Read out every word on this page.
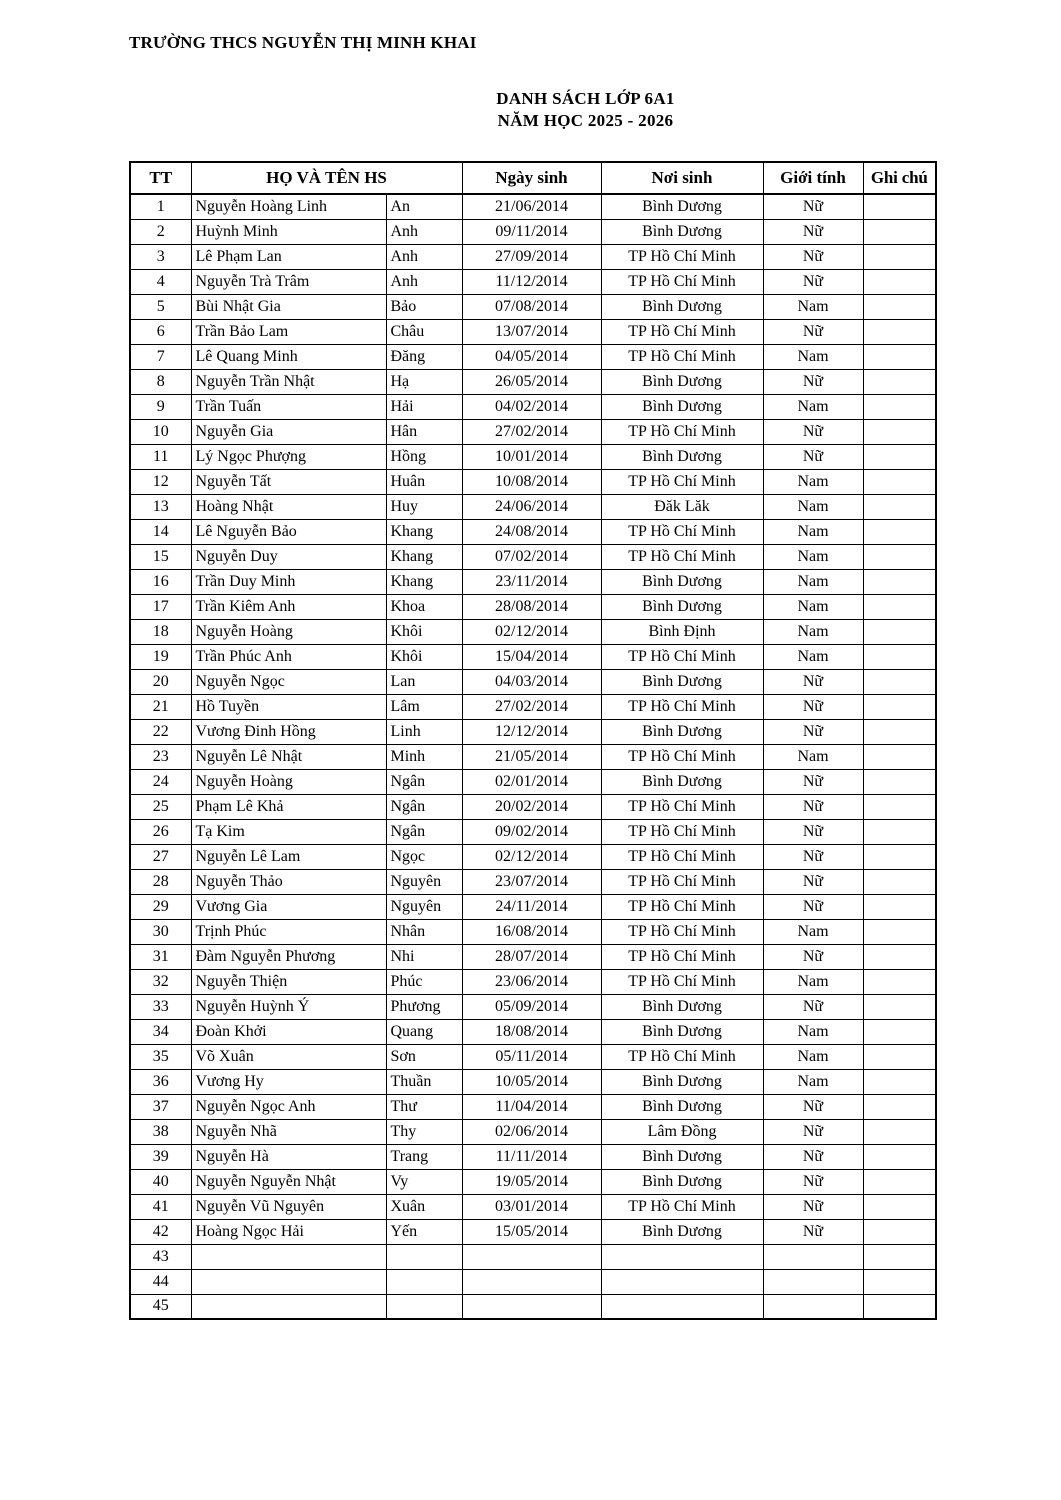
TRƯỜNG THCS NGUYỄN THỊ MINH KHAI
DANH SÁCH LỚP 6A1
NĂM HỌC 2025 - 2026
TT	HỌ VÀ TÊN HS		Ngày sinh	Nơi sinh	Giới tính	Ghi chú
1	Nguyễn Hoàng Linh	An	21/06/2014	Bình Dương	Nữ	
2	Huỳnh Minh	Anh	09/11/2014	Bình Dương	Nữ	
3	Lê Phạm Lan	Anh	27/09/2014	TP Hồ Chí Minh	Nữ	
4	Nguyễn Trà Trâm	Anh	11/12/2014	TP Hồ Chí Minh	Nữ	
5	Bùi Nhật Gia	Bảo	07/08/2014	Bình Dương	Nam	
6	Trần Bảo Lam	Châu	13/07/2014	TP Hồ Chí Minh	Nữ	
7	Lê Quang Minh	Đăng	04/05/2014	TP Hồ Chí Minh	Nam	
8	Nguyễn Trần Nhật	Hạ	26/05/2014	Bình Dương	Nữ	
9	Trần Tuấn	Hải	04/02/2014	Bình Dương	Nam	
10	Nguyễn Gia	Hân	27/02/2014	TP Hồ Chí Minh	Nữ	
11	Lý Ngọc Phượng	Hồng	10/01/2014	Bình Dương	Nữ	
12	Nguyễn Tất	Huân	10/08/2014	TP Hồ Chí Minh	Nam	
13	Hoàng Nhật	Huy	24/06/2014	Đăk Lăk	Nam	
14	Lê Nguyễn Bảo	Khang	24/08/2014	TP Hồ Chí Minh	Nam	
15	Nguyễn Duy	Khang	07/02/2014	TP Hồ Chí Minh	Nam	
16	Trần Duy Minh	Khang	23/11/2014	Bình Dương	Nam	
17	Trần Kiêm Anh	Khoa	28/08/2014	Bình Dương	Nam	
18	Nguyễn Hoàng	Khôi	02/12/2014	Bình Định	Nam	
19	Trần Phúc Anh	Khôi	15/04/2014	TP Hồ Chí Minh	Nam	
20	Nguyễn Ngọc	Lan	04/03/2014	Bình Dương	Nữ	
21	Hồ Tuyền	Lâm	27/02/2014	TP Hồ Chí Minh	Nữ	
22	Vương Đinh Hồng	Linh	12/12/2014	Bình Dương	Nữ	
23	Nguyễn Lê Nhật	Minh	21/05/2014	TP Hồ Chí Minh	Nam	
24	Nguyễn Hoàng	Ngân	02/01/2014	Bình Dương	Nữ	
25	Phạm Lê Khả	Ngân	20/02/2014	TP Hồ Chí Minh	Nữ	
26	Tạ Kim	Ngân	09/02/2014	TP Hồ Chí Minh	Nữ	
27	Nguyễn Lê Lam	Ngọc	02/12/2014	TP Hồ Chí Minh	Nữ	
28	Nguyễn Thảo	Nguyên	23/07/2014	TP Hồ Chí Minh	Nữ	
29	Vương Gia	Nguyên	24/11/2014	TP Hồ Chí Minh	Nữ	
30	Trịnh Phúc	Nhân	16/08/2014	TP Hồ Chí Minh	Nam	
31	Đàm Nguyễn Phương	Nhi	28/07/2014	TP Hồ Chí Minh	Nữ	
32	Nguyễn Thiện	Phúc	23/06/2014	TP Hồ Chí Minh	Nam	
33	Nguyễn Huỳnh Ý	Phương	05/09/2014	Bình Dương	Nữ	
34	Đoàn Khởi	Quang	18/08/2014	Bình Dương	Nam	
35	Võ Xuân	Sơn	05/11/2014	TP Hồ Chí Minh	Nam	
36	Vương Hy	Thuần	10/05/2014	Bình Dương	Nam	
37	Nguyễn Ngọc Anh	Thư	11/04/2014	Bình Dương	Nữ	
38	Nguyễn Nhã	Thy	02/06/2014	Lâm Đồng	Nữ	
39	Nguyễn Hà	Trang	11/11/2014	Bình Dương	Nữ	
40	Nguyễn Nguyễn Nhật	Vy	19/05/2014	Bình Dương	Nữ	
41	Nguyễn Vũ Nguyên	Xuân	03/01/2014	TP Hồ Chí Minh	Nữ	
42	Hoàng Ngọc Hải	Yến	15/05/2014	Bình Dương	Nữ	
43						
44						
45						
